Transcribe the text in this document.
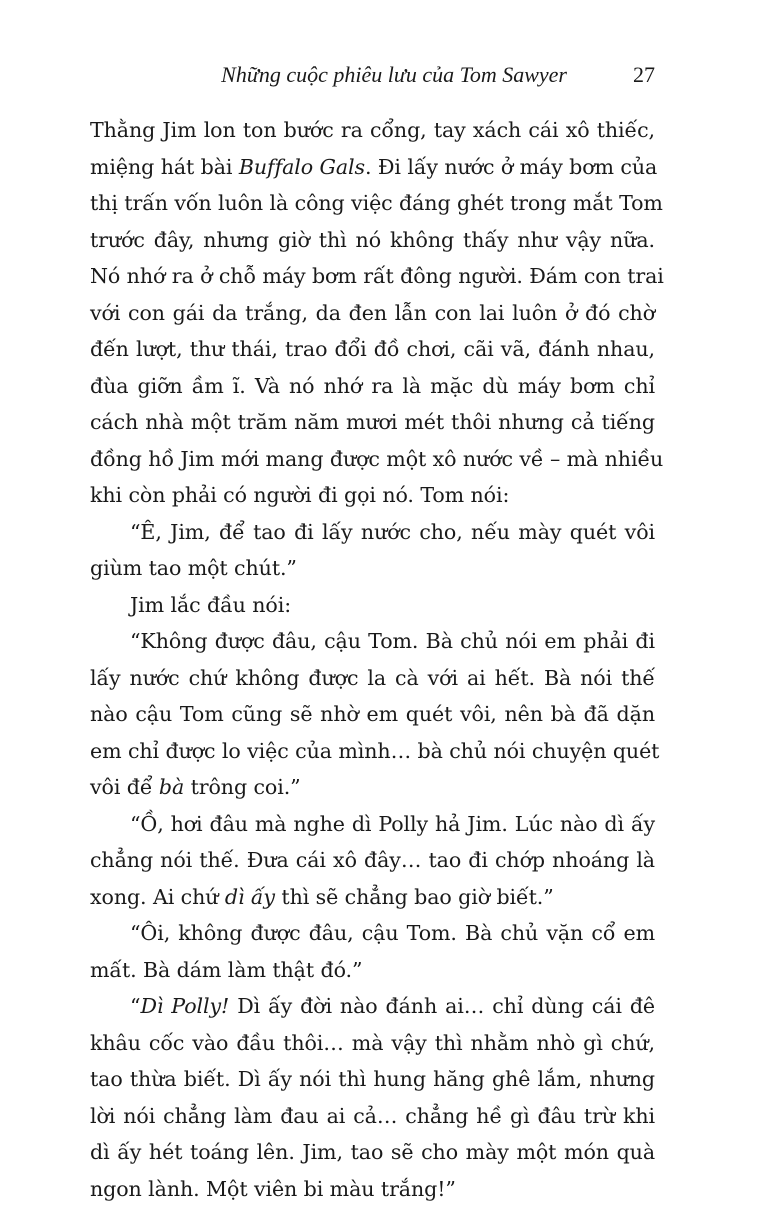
Những cuộc phiêu lưu của Tom Sawyer	27
Thằng Jim lon ton bước ra cổng, tay xách cái xô thiếc,
miệng hát bài Buffalo Gals. Đi lấy nước ở máy bơm của
thị trấn vốn luôn là công việc đáng ghét trong mắt Tom
trước đây, nhưng giờ thì nó không thấy như vậy nữa.
Nó nhớ ra ở chỗ máy bơm rất đông người. Đám con trai
với con gái da trắng, da đen lẫn con lai luôn ở đó chờ
đến lượt, thư thái, trao đổi đồ chơi, cãi vã, đánh nhau,
đùa giỡn ầm ĩ. Và nó nhớ ra là mặc dù máy bơm chỉ
cách nhà một trăm năm mươi mét thôi nhưng cả tiếng
đồng hồ Jim mới mang được một xô nước về – mà nhiều
khi còn phải có người đi gọi nó. Tom nói:
“Ê, Jim, để tao đi lấy nước cho, nếu mày quét vôi
giùm tao một chút.”
Jim lắc đầu nói:
“Không được đâu, cậu Tom. Bà chủ nói em phải đi
lấy nước chứ không được la cà với ai hết. Bà nói thế
nào cậu Tom cũng sẽ nhờ em quét vôi, nên bà đã dặn
em chỉ được lo việc của mình… bà chủ nói chuyện quét
vôi để bà trông coi.”
“Ồ, hơi đâu mà nghe dì Polly hả Jim. Lúc nào dì ấy
chẳng nói thế. Đưa cái xô đây… tao đi chớp nhoáng là
xong. Ai chứ dì ấy thì sẽ chẳng bao giờ biết.”
“Ôi, không được đâu, cậu Tom. Bà chủ vặn cổ em
mất. Bà dám làm thật đó.”
“Dì Polly! Dì ấy đời nào đánh ai… chỉ dùng cái đê
khâu cốc vào đầu thôi… mà vậy thì nhằm nhò gì chứ,
tao thừa biết. Dì ấy nói thì hung hăng ghê lắm, nhưng
lời nói chẳng làm đau ai cả… chẳng hề gì đâu trừ khi
dì ấy hét toáng lên. Jim, tao sẽ cho mày một món quà
ngon lành. Một viên bi màu trắng!”
